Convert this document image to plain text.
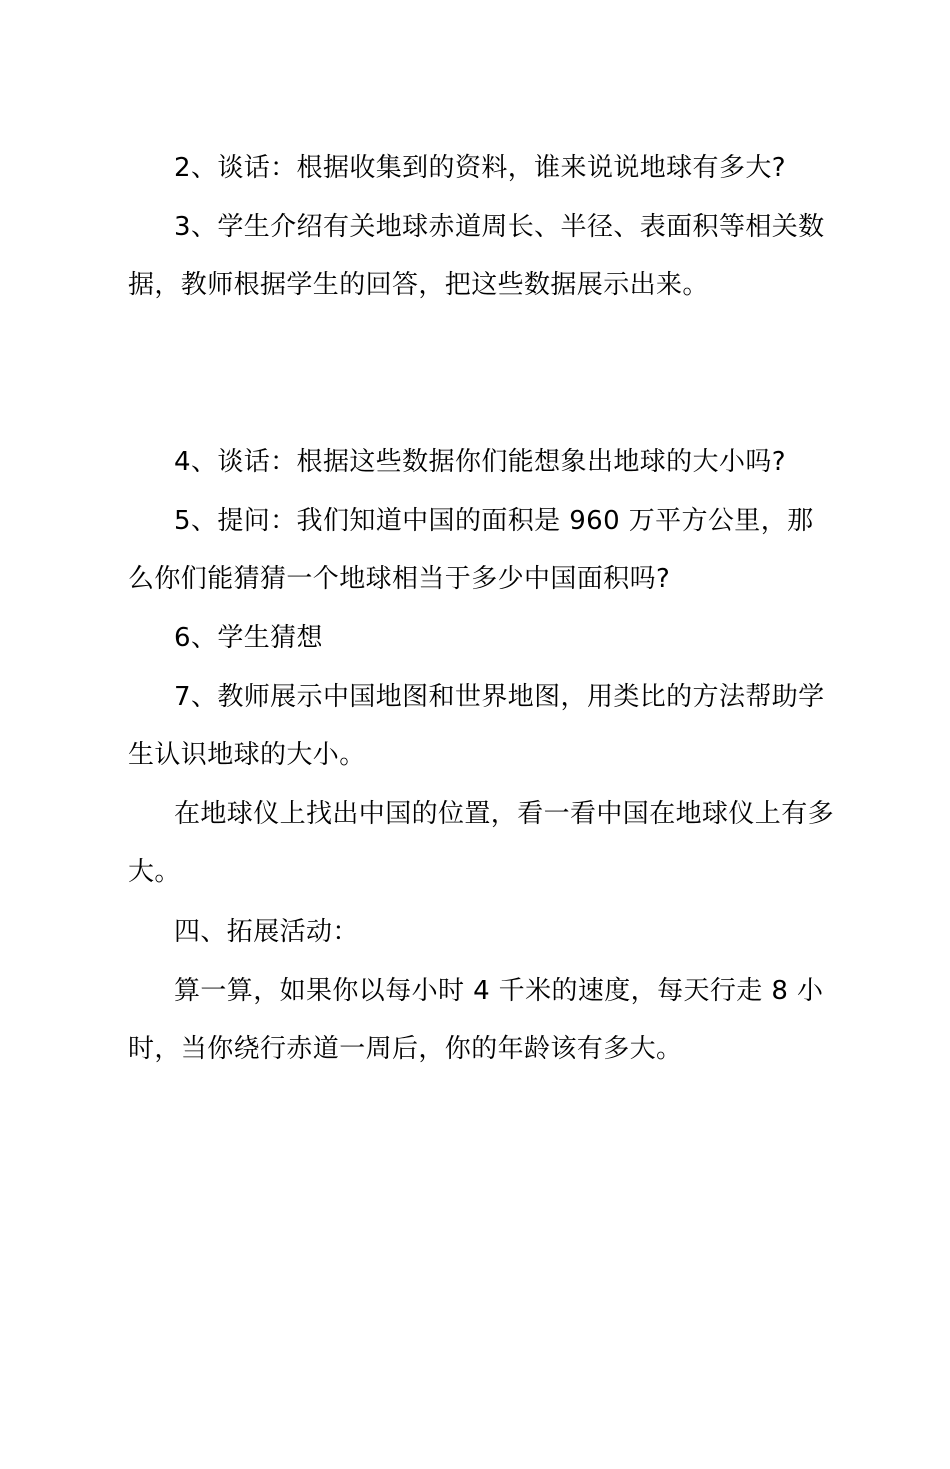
2、谈话：根据收集到的资料，谁来说说地球有多大?

3、学生介绍有关地球赤道周长、半径、表面积等相关数据，教师根据学生的回答，把这些数据展示出来。

4、谈话：根据这些数据你们能想象出地球的大小吗?

5、提问：我们知道中国的面积是 960 万平方公里，那么你们能猜猜一个地球相当于多少中国面积吗?

6、学生猜想

7、教师展示中国地图和世界地图，用类比的方法帮助学生认识地球的大小。

在地球仪上找出中国的位置，看一看中国在地球仪上有多大。

四、拓展活动：

算一算，如果你以每小时 4 千米的速度，每天行走 8 小时，当你绕行赤道一周后，你的年龄该有多大。
